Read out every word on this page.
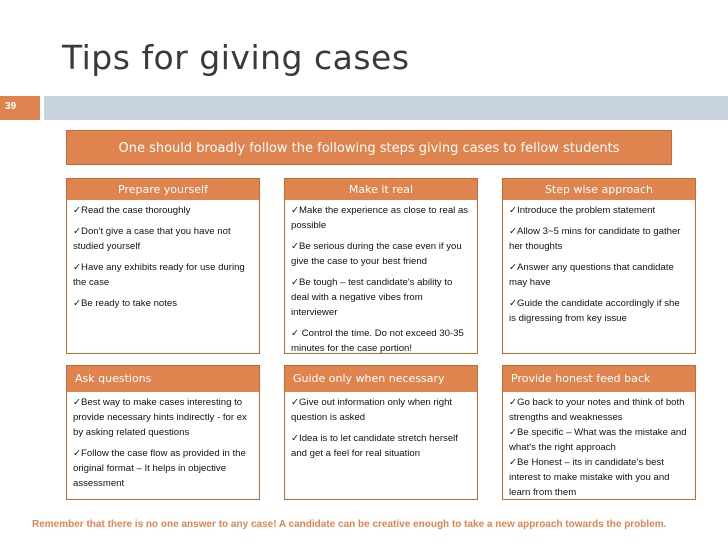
Tips for giving cases
39
One should broadly follow the following steps giving cases to fellow students
Prepare yourself
✓Read the case thoroughly
✓Don't give a case that you have not studied yourself
✓Have any exhibits ready for use during the case
✓Be ready to take notes
Make it real
✓Make the experience as close to real as possible
✓Be serious during the case even if you give the case to your best friend
✓Be tough – test candidate's ability to deal with a negative vibes from interviewer
✓ Control the time. Do not exceed 30-35 minutes for the case portion!
Step wise approach
✓Introduce the problem statement
✓Allow 3~5 mins for candidate to gather her thoughts
✓Answer any questions that candidate may have
✓Guide the candidate accordingly if she is digressing from key issue
Ask questions
✓Best way to make cases interesting to provide necessary hints indirectly - for ex by asking related questions
✓Follow the case flow as provided in the original format – It helps in objective assessment
Guide only when necessary
✓Give out information only when right question is asked
✓Idea is to let candidate stretch herself and get a feel for real situation
Provide honest feed back
✓Go back to your notes and think of both strengths and weaknesses
✓Be specific – What was the mistake and what's the right approach
✓Be Honest – its in candidate's best interest to make mistake with you and learn from them
Remember that there is no one answer to any case! A candidate can be creative enough to take a new approach towards the problem.
